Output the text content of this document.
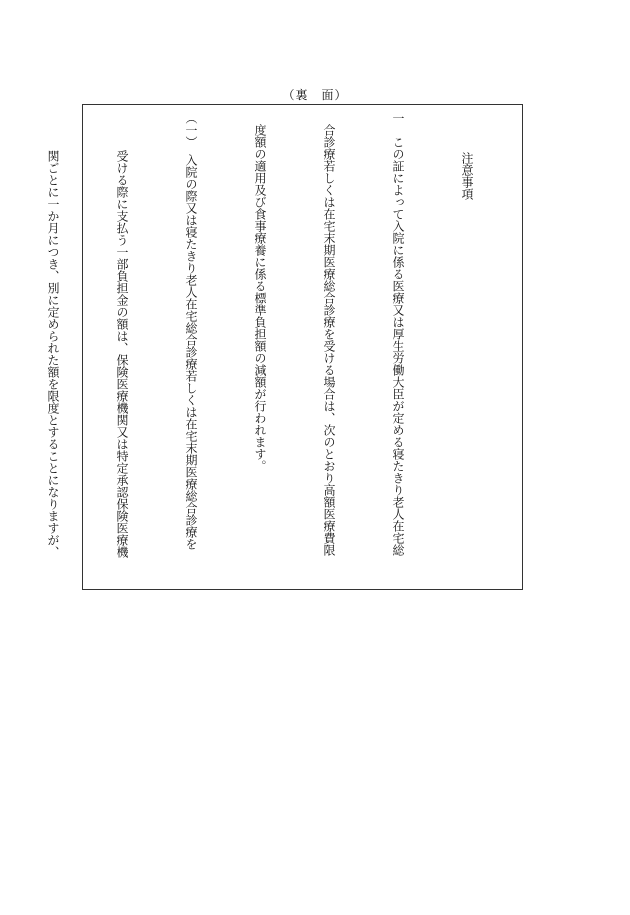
（裏　面）

注意事項

一　この証によって入院に係る医療又は厚生労働大臣が定める寝たきり老人在宅総

合診療若しくは在宅末期医療総合診療を受ける場合は、次のとおり高額医療費限

度額の適用及び食事療養に係る標準負担額の減額が行われます。

（一）　入院の際又は寝たきり老人在宅総合診療若しくは在宅末期医療総合診療を

受ける際に支払う一部負担金の額は、保険医療機関又は特定承認保険医療機

関ごとに一か月につき、別に定められた額を限度とすることになりますが、
